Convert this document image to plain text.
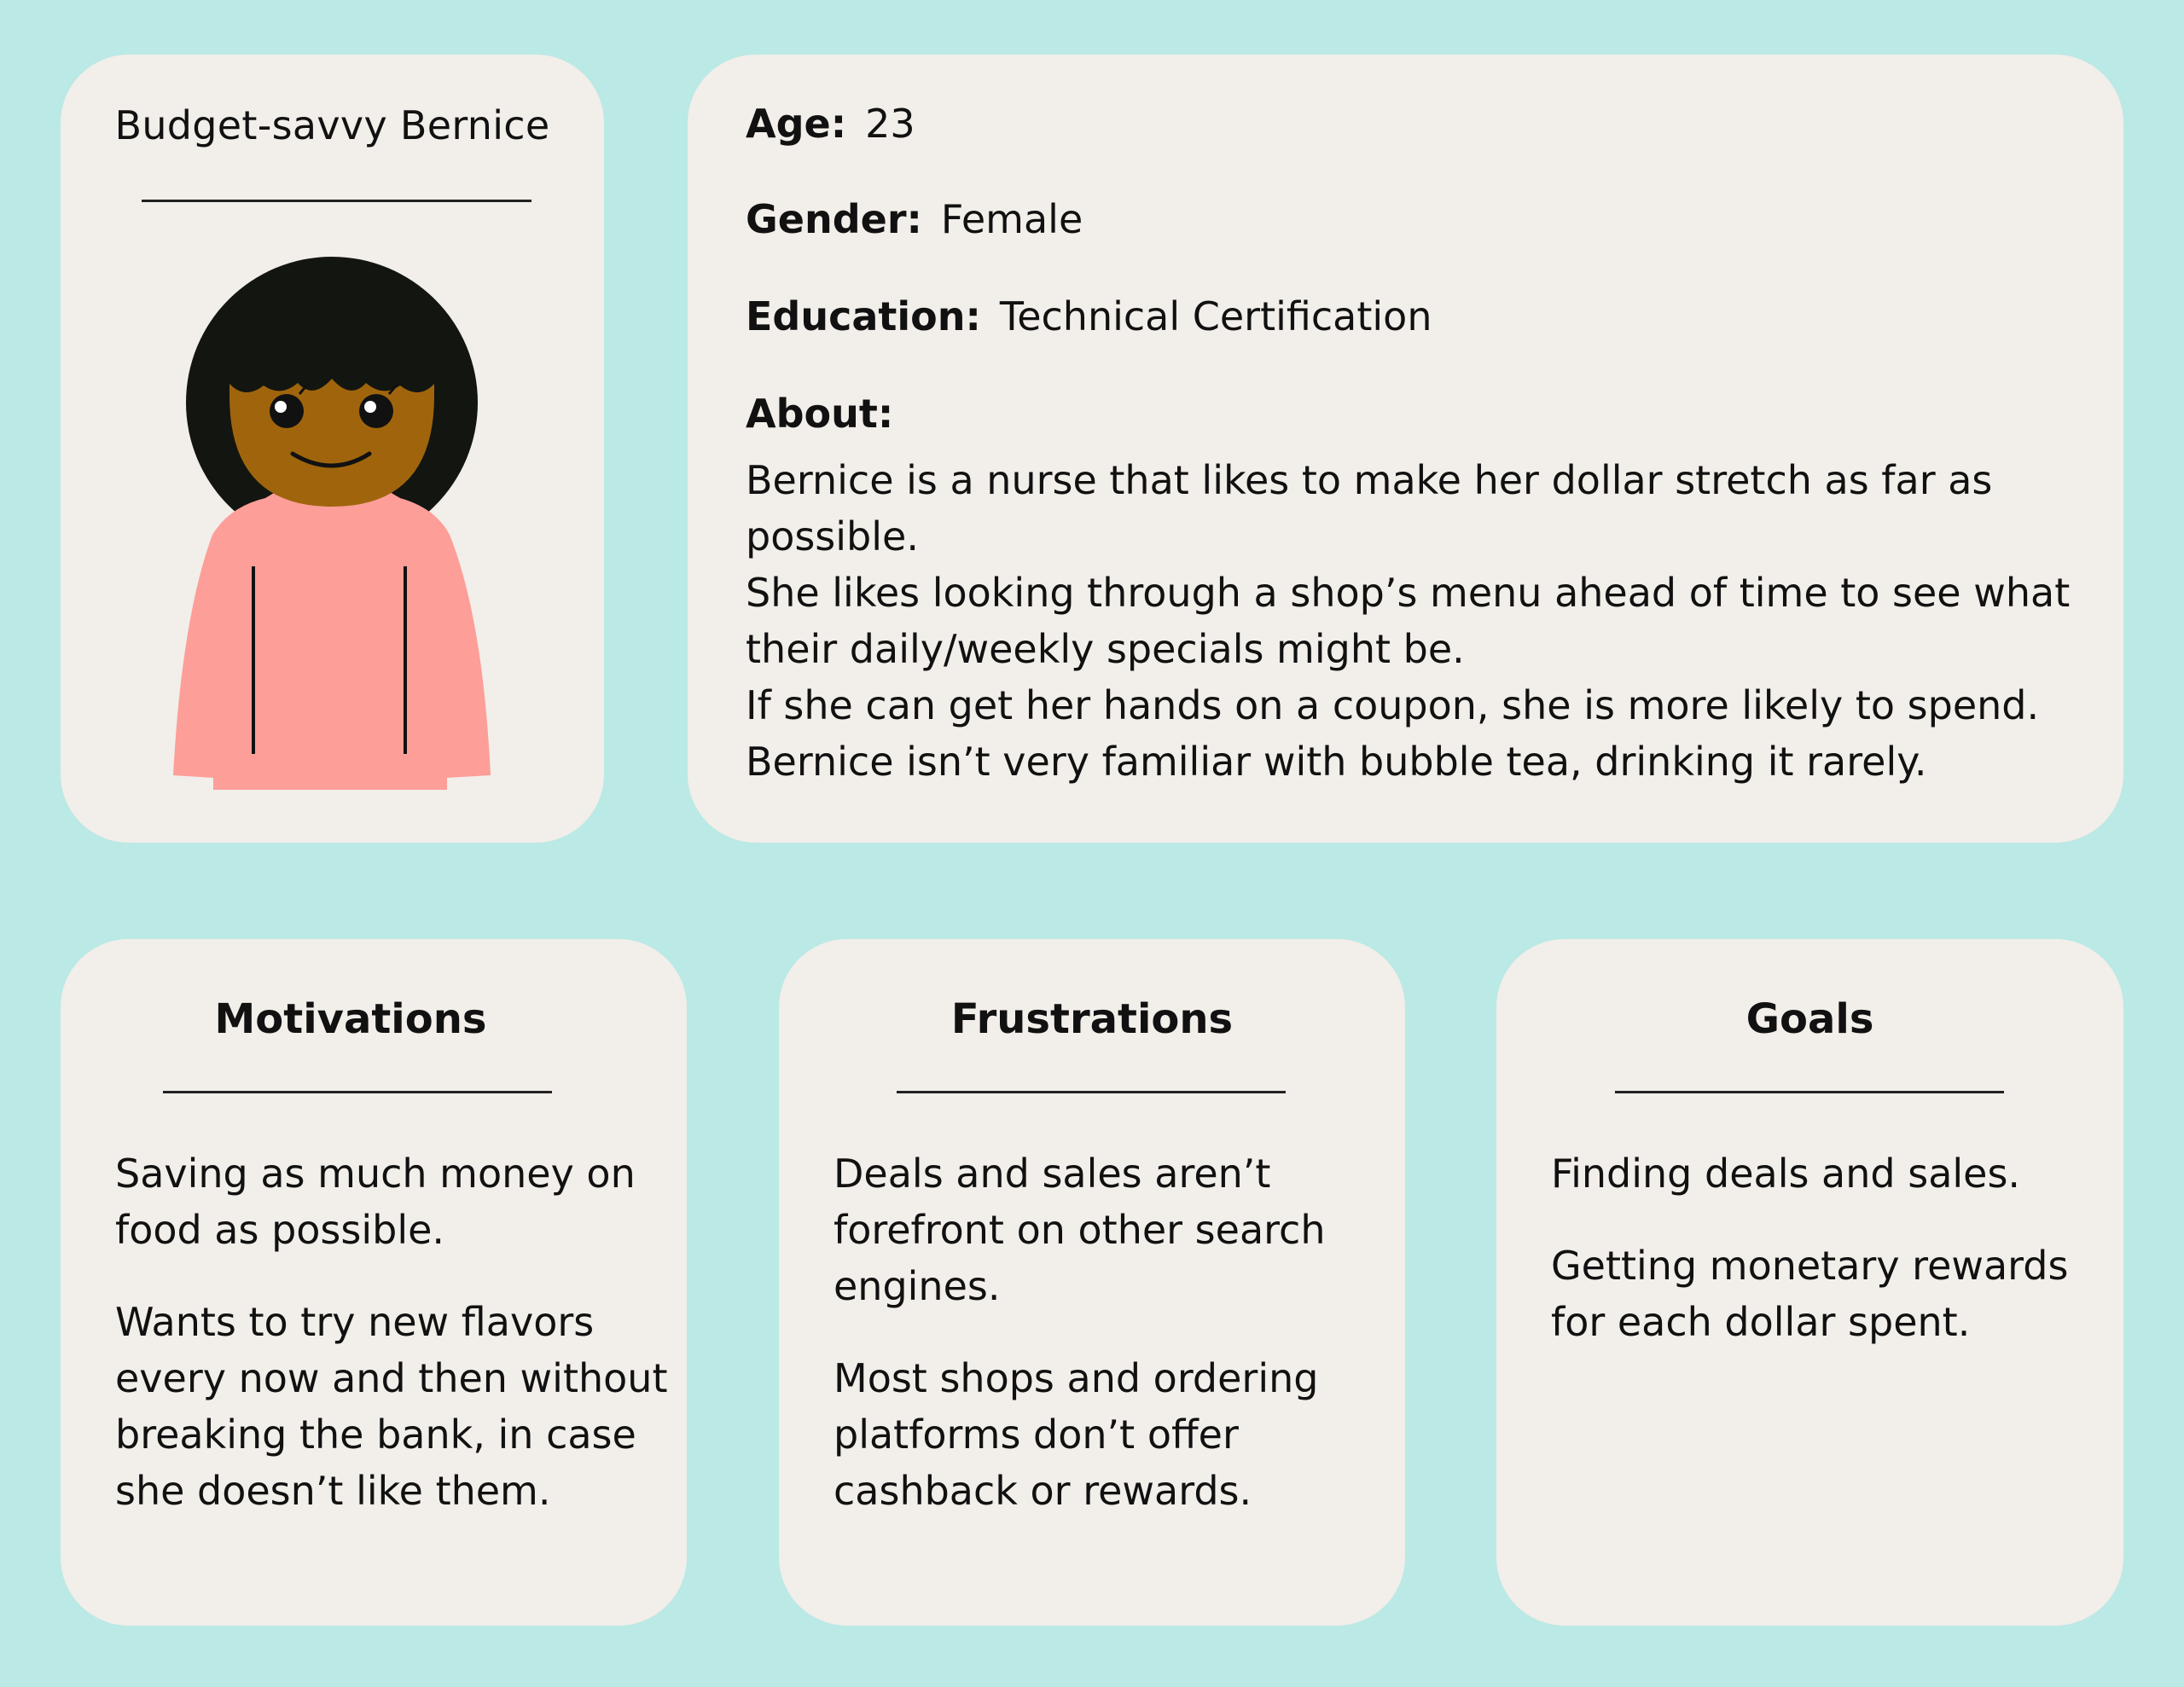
Budget-savvy Bernice	Age: 23
Gender: Female
Education: Technical Certification
About:
Bernice is a nurse that likes to make her dollar stretch as far as
possible.
She likes looking through a shop’s menu ahead of time to see what
their daily/weekly specials might be.
If she can get her hands on a coupon, she is more likely to spend.
Bernice isn’t very familiar with bubble tea, drinking it rarely.
Motivations

Saving as much money on
food as possible.

Wants to try new flavors
every now and then without
breaking the bank, in case
she doesn’t like them.

Frustrations

Deals and sales aren’t
forefront on other search
engines.

Most shops and ordering
platforms don’t offer
cashback or rewards.

Goals

Finding deals and sales.

Getting monetary rewards
for each dollar spent.
